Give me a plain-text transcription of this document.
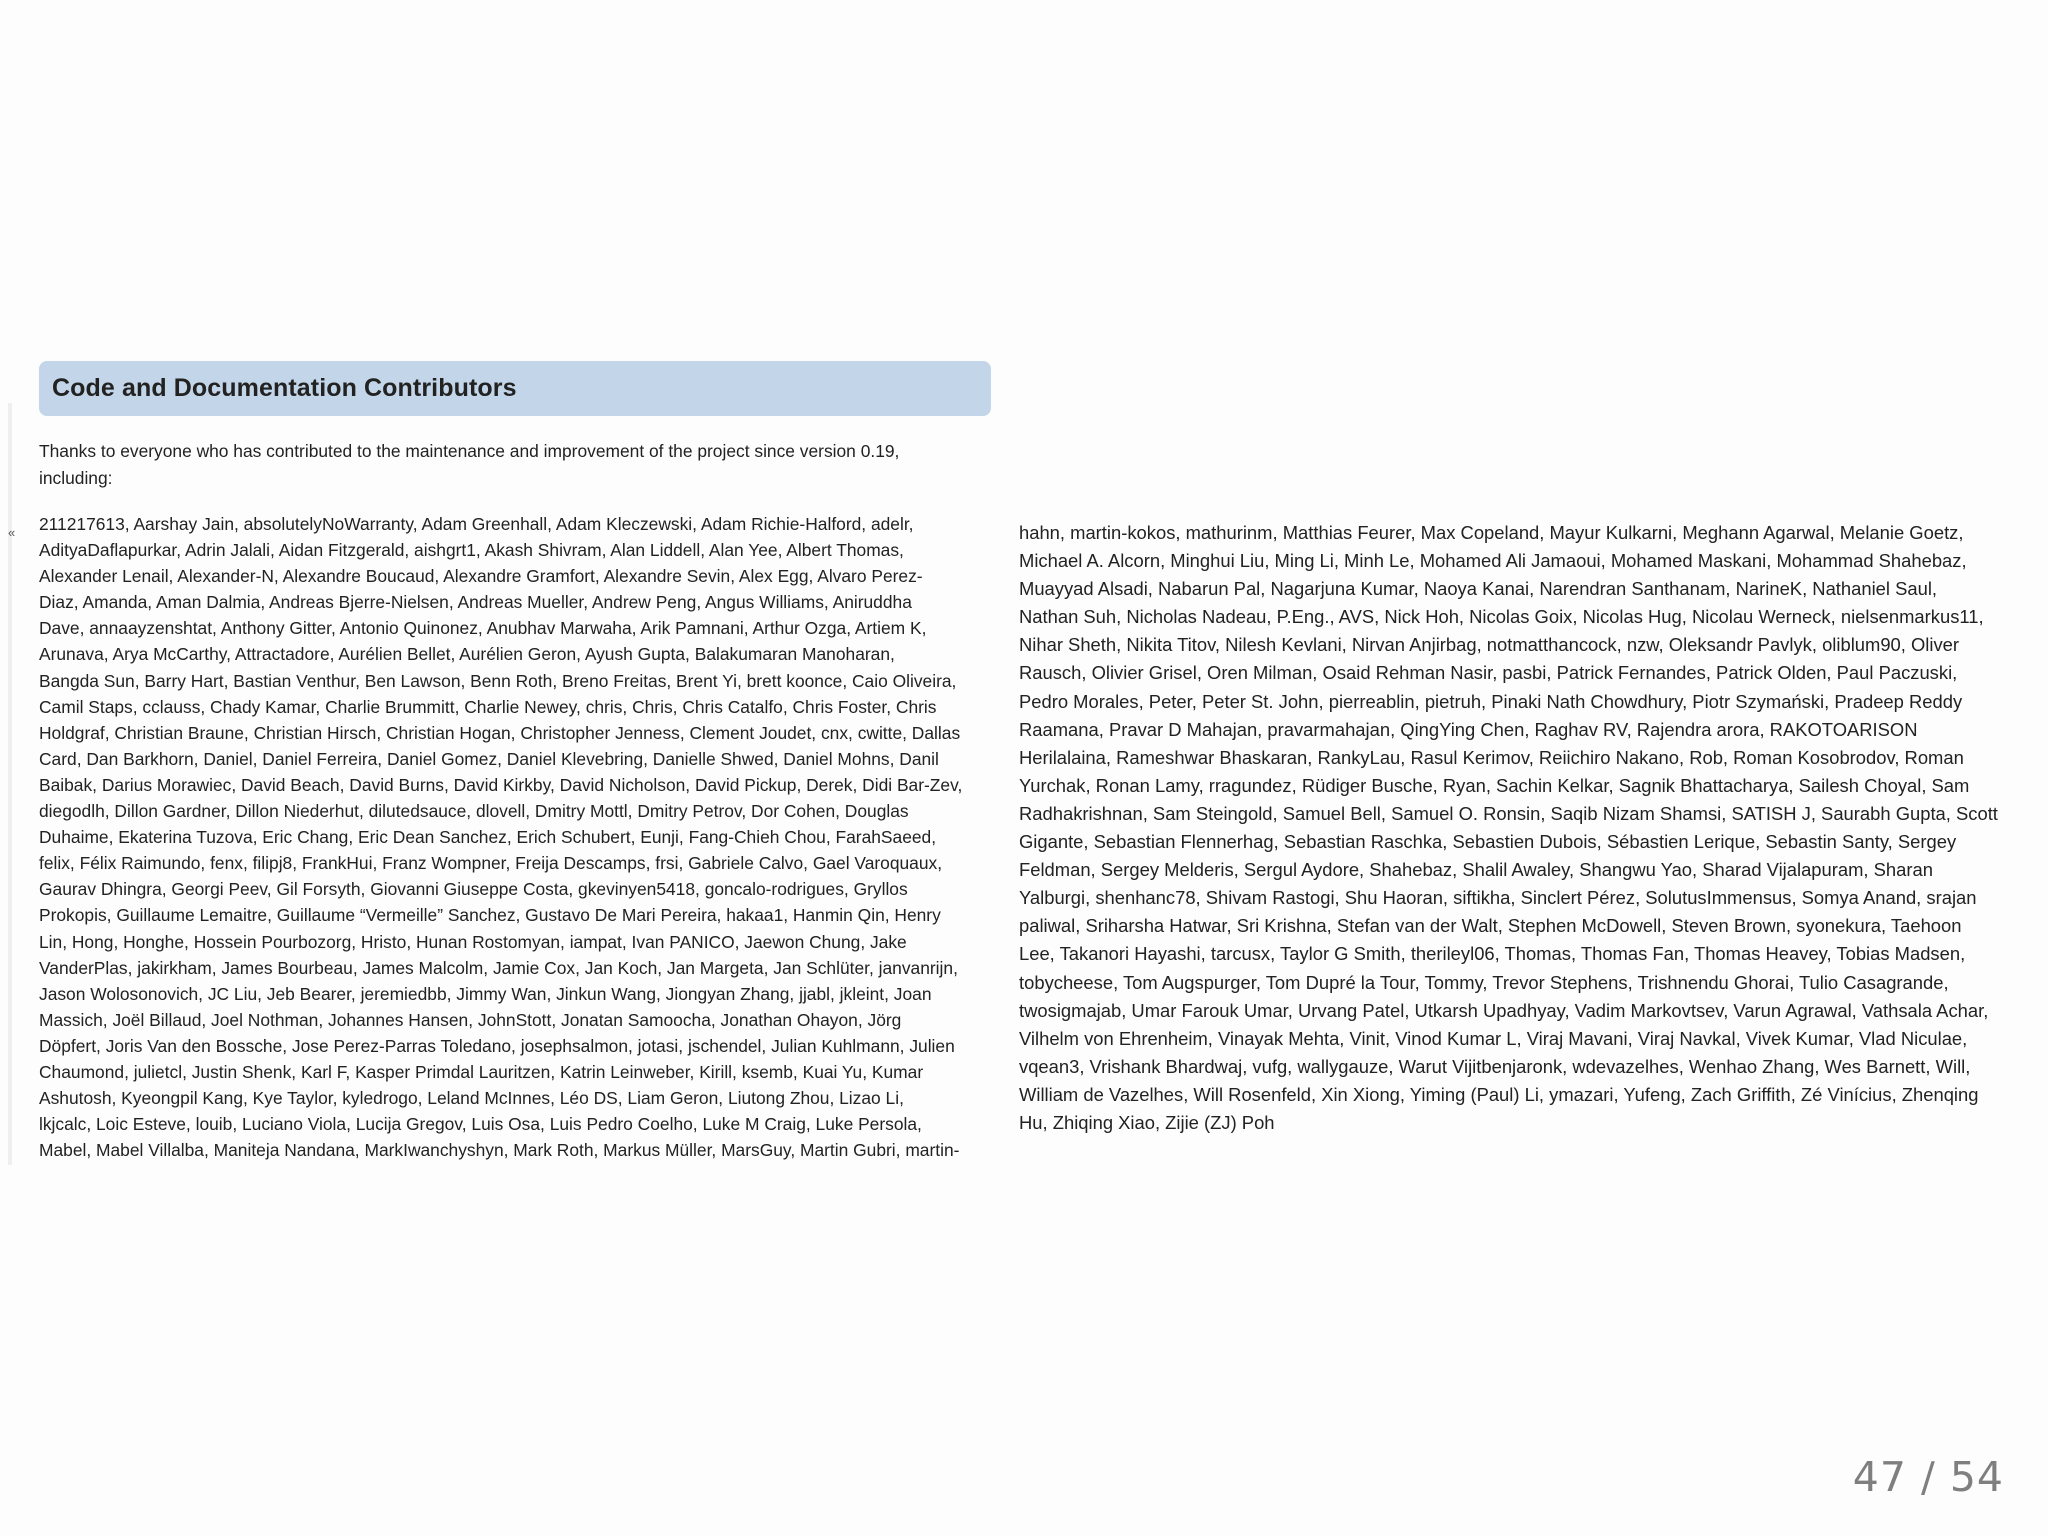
«
Code and Documentation Contributors

Thanks to everyone who has contributed to the maintenance and improvement of the project since version 0.19,
including:

211217613, Aarshay Jain, absolutelyNoWarranty, Adam Greenhall, Adam Kleczewski, Adam Richie-Halford, adelr,
AdityaDaflapurkar, Adrin Jalali, Aidan Fitzgerald, aishgrt1, Akash Shivram, Alan Liddell, Alan Yee, Albert Thomas,
Alexander Lenail, Alexander-N, Alexandre Boucaud, Alexandre Gramfort, Alexandre Sevin, Alex Egg, Alvaro Perez-
Diaz, Amanda, Aman Dalmia, Andreas Bjerre-Nielsen, Andreas Mueller, Andrew Peng, Angus Williams, Aniruddha
Dave, annaayzenshtat, Anthony Gitter, Antonio Quinonez, Anubhav Marwaha, Arik Pamnani, Arthur Ozga, Artiem K,
Arunava, Arya McCarthy, Attractadore, Aurélien Bellet, Aurélien Geron, Ayush Gupta, Balakumaran Manoharan,
Bangda Sun, Barry Hart, Bastian Venthur, Ben Lawson, Benn Roth, Breno Freitas, Brent Yi, brett koonce, Caio Oliveira,
Camil Staps, cclauss, Chady Kamar, Charlie Brummitt, Charlie Newey, chris, Chris, Chris Catalfo, Chris Foster, Chris
Holdgraf, Christian Braune, Christian Hirsch, Christian Hogan, Christopher Jenness, Clement Joudet, cnx, cwitte, Dallas
Card, Dan Barkhorn, Daniel, Daniel Ferreira, Daniel Gomez, Daniel Klevebring, Danielle Shwed, Daniel Mohns, Danil
Baibak, Darius Morawiec, David Beach, David Burns, David Kirkby, David Nicholson, David Pickup, Derek, Didi Bar-Zev,
diegodlh, Dillon Gardner, Dillon Niederhut, dilutedsauce, dlovell, Dmitry Mottl, Dmitry Petrov, Dor Cohen, Douglas
Duhaime, Ekaterina Tuzova, Eric Chang, Eric Dean Sanchez, Erich Schubert, Eunji, Fang-Chieh Chou, FarahSaeed,
felix, Félix Raimundo, fenx, filipj8, FrankHui, Franz Wompner, Freija Descamps, frsi, Gabriele Calvo, Gael Varoquaux,
Gaurav Dhingra, Georgi Peev, Gil Forsyth, Giovanni Giuseppe Costa, gkevinyen5418, goncalo-rodrigues, Gryllos
Prokopis, Guillaume Lemaitre, Guillaume “Vermeille” Sanchez, Gustavo De Mari Pereira, hakaa1, Hanmin Qin, Henry
Lin, Hong, Honghe, Hossein Pourbozorg, Hristo, Hunan Rostomyan, iampat, Ivan PANICO, Jaewon Chung, Jake
VanderPlas, jakirkham, James Bourbeau, James Malcolm, Jamie Cox, Jan Koch, Jan Margeta, Jan Schlüter, janvanrijn,
Jason Wolosonovich, JC Liu, Jeb Bearer, jeremiedbb, Jimmy Wan, Jinkun Wang, Jiongyan Zhang, jjabl, jkleint, Joan
Massich, Joël Billaud, Joel Nothman, Johannes Hansen, JohnStott, Jonatan Samoocha, Jonathan Ohayon, Jörg
Döpfert, Joris Van den Bossche, Jose Perez-Parras Toledano, josephsalmon, jotasi, jschendel, Julian Kuhlmann, Julien
Chaumond, julietcl, Justin Shenk, Karl F, Kasper Primdal Lauritzen, Katrin Leinweber, Kirill, ksemb, Kuai Yu, Kumar
Ashutosh, Kyeongpil Kang, Kye Taylor, kyledrogo, Leland McInnes, Léo DS, Liam Geron, Liutong Zhou, Lizao Li,
lkjcalc, Loic Esteve, louib, Luciano Viola, Lucija Gregov, Luis Osa, Luis Pedro Coelho, Luke M Craig, Luke Persola,
Mabel, Mabel Villalba, Maniteja Nandana, MarkIwanchyshyn, Mark Roth, Markus Müller, MarsGuy, Martin Gubri, martin-

hahn, martin-kokos, mathurinm, Matthias Feurer, Max Copeland, Mayur Kulkarni, Meghann Agarwal, Melanie Goetz,
Michael A. Alcorn, Minghui Liu, Ming Li, Minh Le, Mohamed Ali Jamaoui, Mohamed Maskani, Mohammad Shahebaz,
Muayyad Alsadi, Nabarun Pal, Nagarjuna Kumar, Naoya Kanai, Narendran Santhanam, NarineK, Nathaniel Saul,
Nathan Suh, Nicholas Nadeau, P.Eng., AVS, Nick Hoh, Nicolas Goix, Nicolas Hug, Nicolau Werneck, nielsenmarkus11,
Nihar Sheth, Nikita Titov, Nilesh Kevlani, Nirvan Anjirbag, notmatthancock, nzw, Oleksandr Pavlyk, oliblum90, Oliver
Rausch, Olivier Grisel, Oren Milman, Osaid Rehman Nasir, pasbi, Patrick Fernandes, Patrick Olden, Paul Paczuski,
Pedro Morales, Peter, Peter St. John, pierreablin, pietruh, Pinaki Nath Chowdhury, Piotr Szymański, Pradeep Reddy
Raamana, Pravar D Mahajan, pravarmahajan, QingYing Chen, Raghav RV, Rajendra arora, RAKOTOARISON
Herilalaina, Rameshwar Bhaskaran, RankyLau, Rasul Kerimov, Reiichiro Nakano, Rob, Roman Kosobrodov, Roman
Yurchak, Ronan Lamy, rragundez, Rüdiger Busche, Ryan, Sachin Kelkar, Sagnik Bhattacharya, Sailesh Choyal, Sam
Radhakrishnan, Sam Steingold, Samuel Bell, Samuel O. Ronsin, Saqib Nizam Shamsi, SATISH J, Saurabh Gupta, Scott
Gigante, Sebastian Flennerhag, Sebastian Raschka, Sebastien Dubois, Sébastien Lerique, Sebastin Santy, Sergey
Feldman, Sergey Melderis, Sergul Aydore, Shahebaz, Shalil Awaley, Shangwu Yao, Sharad Vijalapuram, Sharan
Yalburgi, shenhanc78, Shivam Rastogi, Shu Haoran, siftikha, Sinclert Pérez, SolutusImmensus, Somya Anand, srajan
paliwal, Sriharsha Hatwar, Sri Krishna, Stefan van der Walt, Stephen McDowell, Steven Brown, syonekura, Taehoon
Lee, Takanori Hayashi, tarcusx, Taylor G Smith, therileyl06, Thomas, Thomas Fan, Thomas Heavey, Tobias Madsen,
tobycheese, Tom Augspurger, Tom Dupré la Tour, Tommy, Trevor Stephens, Trishnendu Ghorai, Tulio Casagrande,
twosigmajab, Umar Farouk Umar, Urvang Patel, Utkarsh Upadhyay, Vadim Markovtsev, Varun Agrawal, Vathsala Achar,
Vilhelm von Ehrenheim, Vinayak Mehta, Vinit, Vinod Kumar L, Viraj Mavani, Viraj Navkal, Vivek Kumar, Vlad Niculae,
vqean3, Vrishank Bhardwaj, vufg, wallygauze, Warut Vijitbenjaronk, wdevazelhes, Wenhao Zhang, Wes Barnett, Will,
William de Vazelhes, Will Rosenfeld, Xin Xiong, Yiming (Paul) Li, ymazari, Yufeng, Zach Griffith, Zé Vinícius, Zhenqing
Hu, Zhiqing Xiao, Zijie (ZJ) Poh

47 / 54
